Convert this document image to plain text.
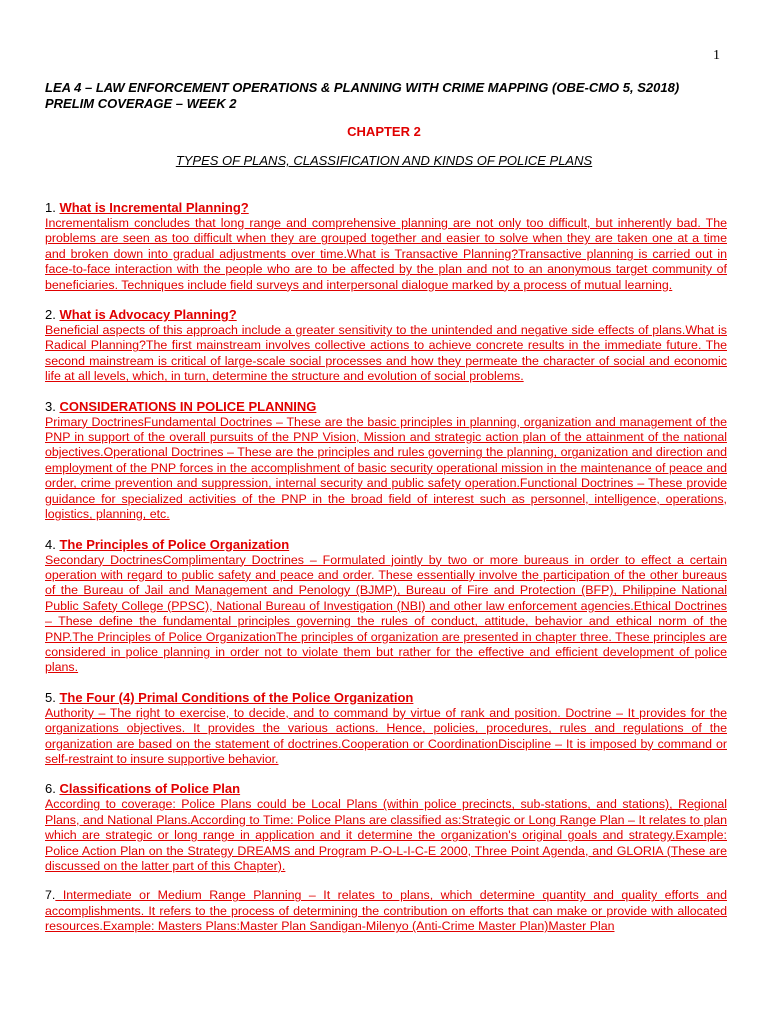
1
LEA 4 – LAW ENFORCEMENT OPERATIONS & PLANNING WITH CRIME MAPPING (OBE-CMO 5, S2018)
PRELIM COVERAGE – WEEK 2
CHAPTER 2
TYPES OF PLANS, CLASSIFICATION AND KINDS OF POLICE PLANS
1. What is Incremental Planning?
Incrementalism concludes that long range and comprehensive planning are not only too difficult, but inherently bad. The problems are seen as too difficult when they are grouped together and easier to solve when they are taken one at a time and broken down into gradual adjustments over time.What is Transactive Planning?Transactive planning is carried out in face-to-face interaction with the people who are to be affected by the plan and not to an anonymous target community of beneficiaries. Techniques include field surveys and interpersonal dialogue marked by a process of mutual learning.
2. What is Advocacy Planning?
Beneficial aspects of this approach include a greater sensitivity to the unintended and negative side effects of plans.What is Radical Planning?The first mainstream involves collective actions to achieve concrete results in the immediate future. The second mainstream is critical of large-scale social processes and how they permeate the character of social and economic life at all levels, which, in turn, determine the structure and evolution of social problems.
3. CONSIDERATIONS IN POLICE PLANNING
Primary DoctrinesFundamental Doctrines – These are the basic principles in planning, organization and management of the PNP in support of the overall pursuits of the PNP Vision, Mission and strategic action plan of the attainment of the national objectives.Operational Doctrines – These are the principles and rules governing the planning, organization and direction and employment of the PNP forces in the accomplishment of basic security operational mission in the maintenance of peace and order, crime prevention and suppression, internal security and public safety operation.Functional Doctrines – These provide guidance for specialized activities of the PNP in the broad field of interest such as personnel, intelligence, operations, logistics, planning, etc.
4. The Principles of Police Organization
Secondary DoctrinesComplimentary Doctrines – Formulated jointly by two or more bureaus in order to effect a certain operation with regard to public safety and peace and order. These essentially involve the participation of the other bureaus of the Bureau of Jail and Management and Penology (BJMP), Bureau of Fire and Protection (BFP), Philippine National Public Safety College (PPSC), National Bureau of Investigation (NBI) and other law enforcement agencies.Ethical Doctrines – These define the fundamental principles governing the rules of conduct, attitude, behavior and ethical norm of the PNP.The Principles of Police OrganizationThe principles of organization are presented in chapter three. These principles are considered in police planning in order not to violate them but rather for the effective and efficient development of police plans.
5. The Four (4) Primal Conditions of the Police Organization
Authority – The right to exercise, to decide, and to command by virtue of rank and position. Doctrine – It provides for the organizations objectives. It provides the various actions. Hence, policies, procedures, rules and regulations of the organization are based on the statement of doctrines.Cooperation or CoordinationDiscipline – It is imposed by command or self-restraint to insure supportive behavior.
6. Classifications of Police Plan
According to coverage: Police Plans could be Local Plans (within police precincts, sub-stations, and stations), Regional Plans, and National Plans.According to Time: Police Plans are classified as:Strategic or Long Range Plan – It relates to plan which are strategic or long range in application and it determine the organization's original goals and strategy.Example: Police Action Plan on the Strategy DREAMS and Program P-O-L-I-C-E 2000, Three Point Agenda, and GLORIA (These are discussed on the latter part of this Chapter).
7. Intermediate or Medium Range Planning – It relates to plans, which determine quantity and quality efforts and accomplishments. It refers to the process of determining the contribution on efforts that can make or provide with allocated resources.Example: Masters Plans:Master Plan Sandigan-Milenyo (Anti-Crime Master Plan)Master Plan
